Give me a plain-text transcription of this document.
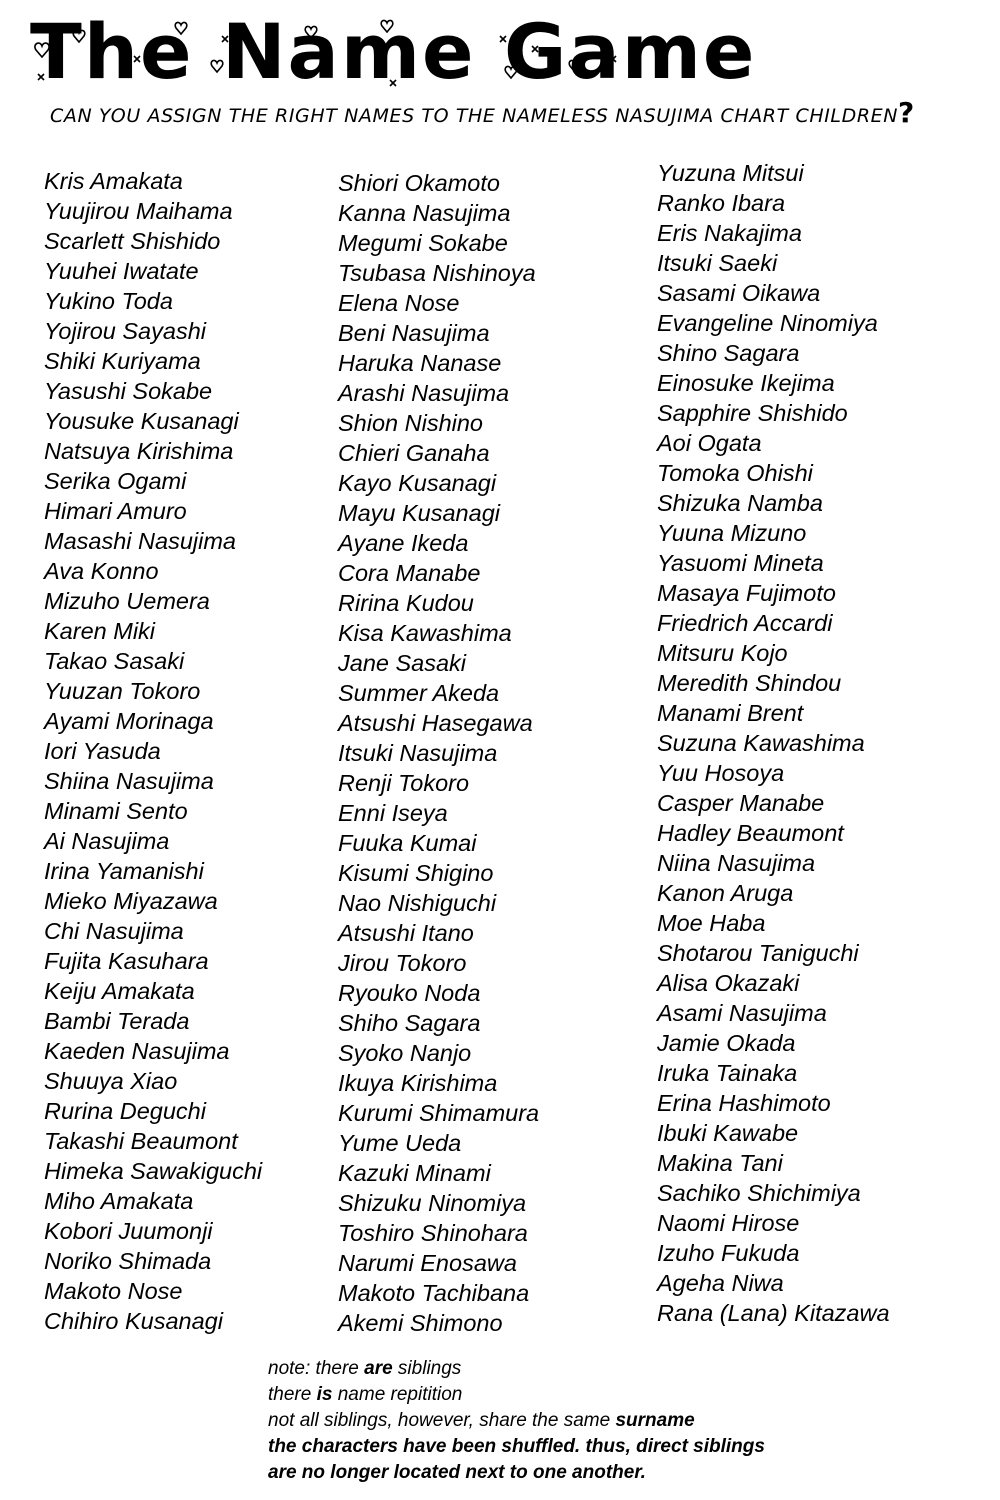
The Name Game
CAN YOU ASSIGN THE RIGHT NAMES TO THE NAMELESS NASUJIMA CHART CHILDREN?
Kris Amakata
Yuujirou Maihama
Scarlett Shishido
Yuuhei Iwatate
Yukino Toda
Yojirou Sayashi
Shiki Kuriyama
Yasushi Sokabe
Yousuke Kusanagi
Natsuya Kirishima
Serika Ogami
Himari Amuro
Masashi Nasujima
Ava Konno
Mizuho Uemera
Karen Miki
Takao Sasaki
Yuuzan Tokoro
Ayami Morinaga
Iori Yasuda
Shiina Nasujima
Minami Sento
Ai Nasujima
Irina Yamanishi
Mieko Miyazawa
Chi Nasujima
Fujita Kasuhara
Keiju Amakata
Bambi Terada
Kaeden Nasujima
Shuuya Xiao
Rurina Deguchi
Takashi Beaumont
Himeka Sawakiguchi
Miho Amakata
Kobori Juumonji
Noriko Shimada
Makoto Nose
Chihiro Kusanagi
Shiori Okamoto
Kanna Nasujima
Megumi Sokabe
Tsubasa Nishinoya
Elena Nose
Beni Nasujima
Haruka Nanase
Arashi Nasujima
Shion Nishino
Chieri Ganaha
Kayo Kusanagi
Mayu Kusanagi
Ayane Ikeda
Cora Manabe
Ririna Kudou
Kisa Kawashima
Jane Sasaki
Summer Akeda
Atsushi Hasegawa
Itsuki Nasujima
Renji Tokoro
Enni Iseya
Fuuka Kumai
Kisumi Shigino
Nao Nishiguchi
Atsushi Itano
Jirou Tokoro
Ryouko Noda
Shiho Sagara
Syoko Nanjo
Ikuya Kirishima
Kurumi Shimamura
Yume Ueda
Kazuki Minami
Shizuku Ninomiya
Toshiro Shinohara
Narumi Enosawa
Makoto Tachibana
Akemi Shimono
Yuzuna Mitsui
Ranko Ibara
Eris Nakajima
Itsuki Saeki
Sasami Oikawa
Evangeline Ninomiya
Shino Sagara
Einosuke Ikejima
Sapphire Shishido
Aoi Ogata
Tomoka Ohishi
Shizuka Namba
Yuuna Mizuno
Yasuomi Mineta
Masaya Fujimoto
Friedrich Accardi
Mitsuru Kojo
Meredith Shindou
Manami Brent
Suzuna Kawashima
Yuu Hosoya
Casper Manabe
Hadley Beaumont
Niina Nasujima
Kanon Aruga
Moe Haba
Shotarou Taniguchi
Alisa Okazaki
Asami Nasujima
Jamie Okada
Iruka Tainaka
Erina Hashimoto
Ibuki Kawabe
Makina Tani
Sachiko Shichimiya
Naomi Hirose
Izuho Fukuda
Ageha Niwa
Rana (Lana) Kitazawa
note: there are siblings
there is name repitition
not all siblings, however, share the same surname
the characters have been shuffled. thus, direct siblings
are no longer located next to one another.
